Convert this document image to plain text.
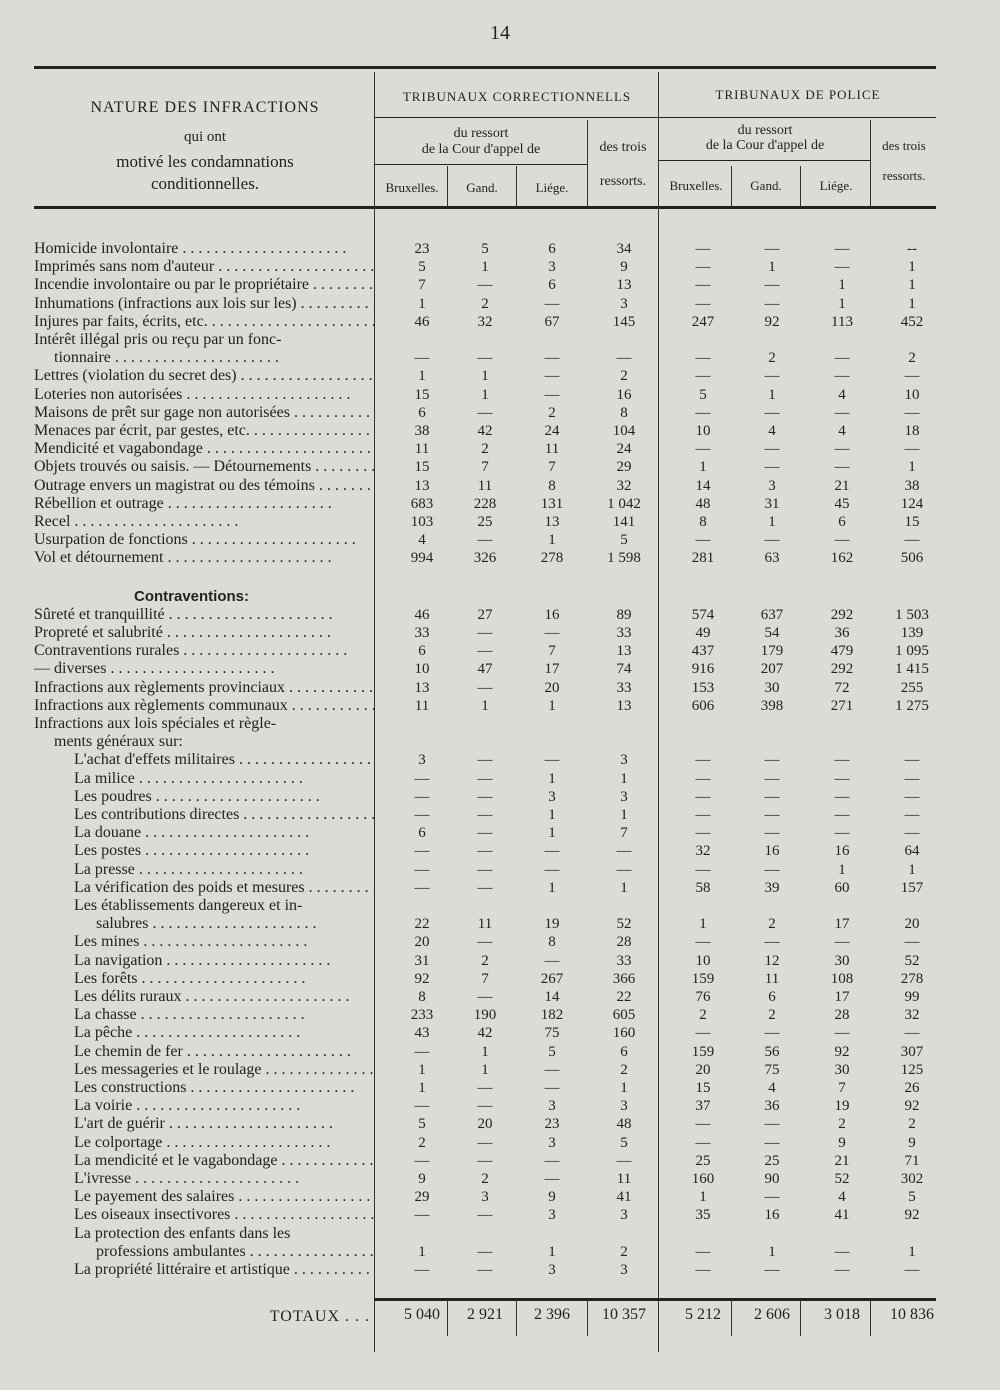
14
NATURE DES INFRACTIONS
qui ont
motivé les condamnations
conditionnelles.
TRIBUNAUX CORRECTIONNELLS	TRIBUNAUX DE POLICE
du ressort
de la Cour d'appel de	des trois
ressorts.
du ressort
de la Cour d'appel de	des trois
ressorts.
Bruxelles.	Gand.	Liége.	Bruxelles.	Gand.	Liége.
Homicide involontaire . . .	23	5	6	34	—	—	—	--
Imprimés sans nom d'auteur . . .	5	1	3	9	—	1	—	1
Incendie involontaire ou par le propriétaire . . .	7	—	6	13	—	—	1	1
Inhumations (infractions aux lois sur les) . . .	1	2	—	3	—	—	1	1
Injures par faits, écrits, etc. . . .	46	32	67	145	247	92	113	452
Intérêt illégal pris ou reçu par un fonc-
tionnaire . . .	—	—	—	—	—	2	—	2
Lettres (violation du secret des) . . .	1	1	—	2	—	—	—	—
Loteries non autorisées . . .	15	1	—	16	5	1	4	10
Maisons de prêt sur gage non autorisées . . .	6	—	2	8	—	—	—	—
Menaces par écrit, par gestes, etc. . . .	38	42	24	104	10	4	4	18
Mendicité et vagabondage . . .	11	2	11	24	—	—	—	—
Objets trouvés ou saisis. — Détournements . . .	15	7	7	29	1	—	—	1
Outrage envers un magistrat ou des témoins . . .	13	11	8	32	14	3	21	38
Rébellion et outrage . . .	683	228	131	1 042	48	31	45	124
Recel . . .	103	25	13	141	8	1	6	15
Usurpation de fonctions . . .	4	—	1	5	—	—	—	—
Vol et détournement . . .	994	326	278	1 598	281	63	162	506
Contraventions:
Sûreté et tranquillité . . .	46	27	16	89	574	637	292	1 503
Propreté et salubrité . . .	33	—	—	33	49	54	36	139
Contraventions rurales . . .	6	—	7	13	437	179	479	1 095
— diverses . . .	10	47	17	74	916	207	292	1 415
Infractions aux règlements provinciaux . . .	13	—	20	33	153	30	72	255
Infractions aux règlements communaux . . .	11	1	1	13	606	398	271	1 275
Infractions aux lois spéciales et règle-
ments généraux sur:
L'achat d'effets militaires . . .	3	—	—	3	—	—	—	—
La milice . . .	—	—	1	1	—	—	—	—
Les poudres . . .	—	—	3	3	—	—	—	—
Les contributions directes . . .	—	—	1	1	—	—	—	—
La douane . . .	6	—	1	7	—	—	—	—
Les postes . . .	—	—	—	—	32	16	16	64
La presse . . .	—	—	—	—	—	—	1	1
La vérification des poids et mesures . . .	—	—	1	1	58	39	60	157
Les établissements dangereux et in-
salubres . . .	22	11	19	52	1	2	17	20
Les mines . . .	20	—	8	28	—	—	—	—
La navigation . . .	31	2	—	33	10	12	30	52
Les forêts . . .	92	7	267	366	159	11	108	278
Les délits ruraux . . .	8	—	14	22	76	6	17	99
La chasse . . .	233	190	182	605	2	2	28	32
La pêche . . .	43	42	75	160	—	—	—	—
Le chemin de fer . . .	—	1	5	6	159	56	92	307
Les messageries et le roulage . . .	1	1	—	2	20	75	30	125
Les constructions . . .	1	—	—	1	15	4	7	26
La voirie . . .	—	—	3	3	37	36	19	92
L'art de guérir . . .	5	20	23	48	—	—	2	2
Le colportage . . .	2	—	3	5	—	—	9	9
La mendicité et le vagabondage . . .	—	—	—	—	25	25	21	71
L'ivresse . . .	9	2	—	11	160	90	52	302
Le payement des salaires . . .	29	3	9	41	1	—	4	5
Les oiseaux insectivores . . .	—	—	3	3	35	16	41	92
La protection des enfants dans les
professions ambulantes . . .	1	—	1	2	—	1	—	1
La propriété littéraire et artistique . . .	—	—	3	3	—	—	—	—
TOTAUX . . .	5 040	2 921	2 396	10 357	5 212	2 606	3 018	10 836
